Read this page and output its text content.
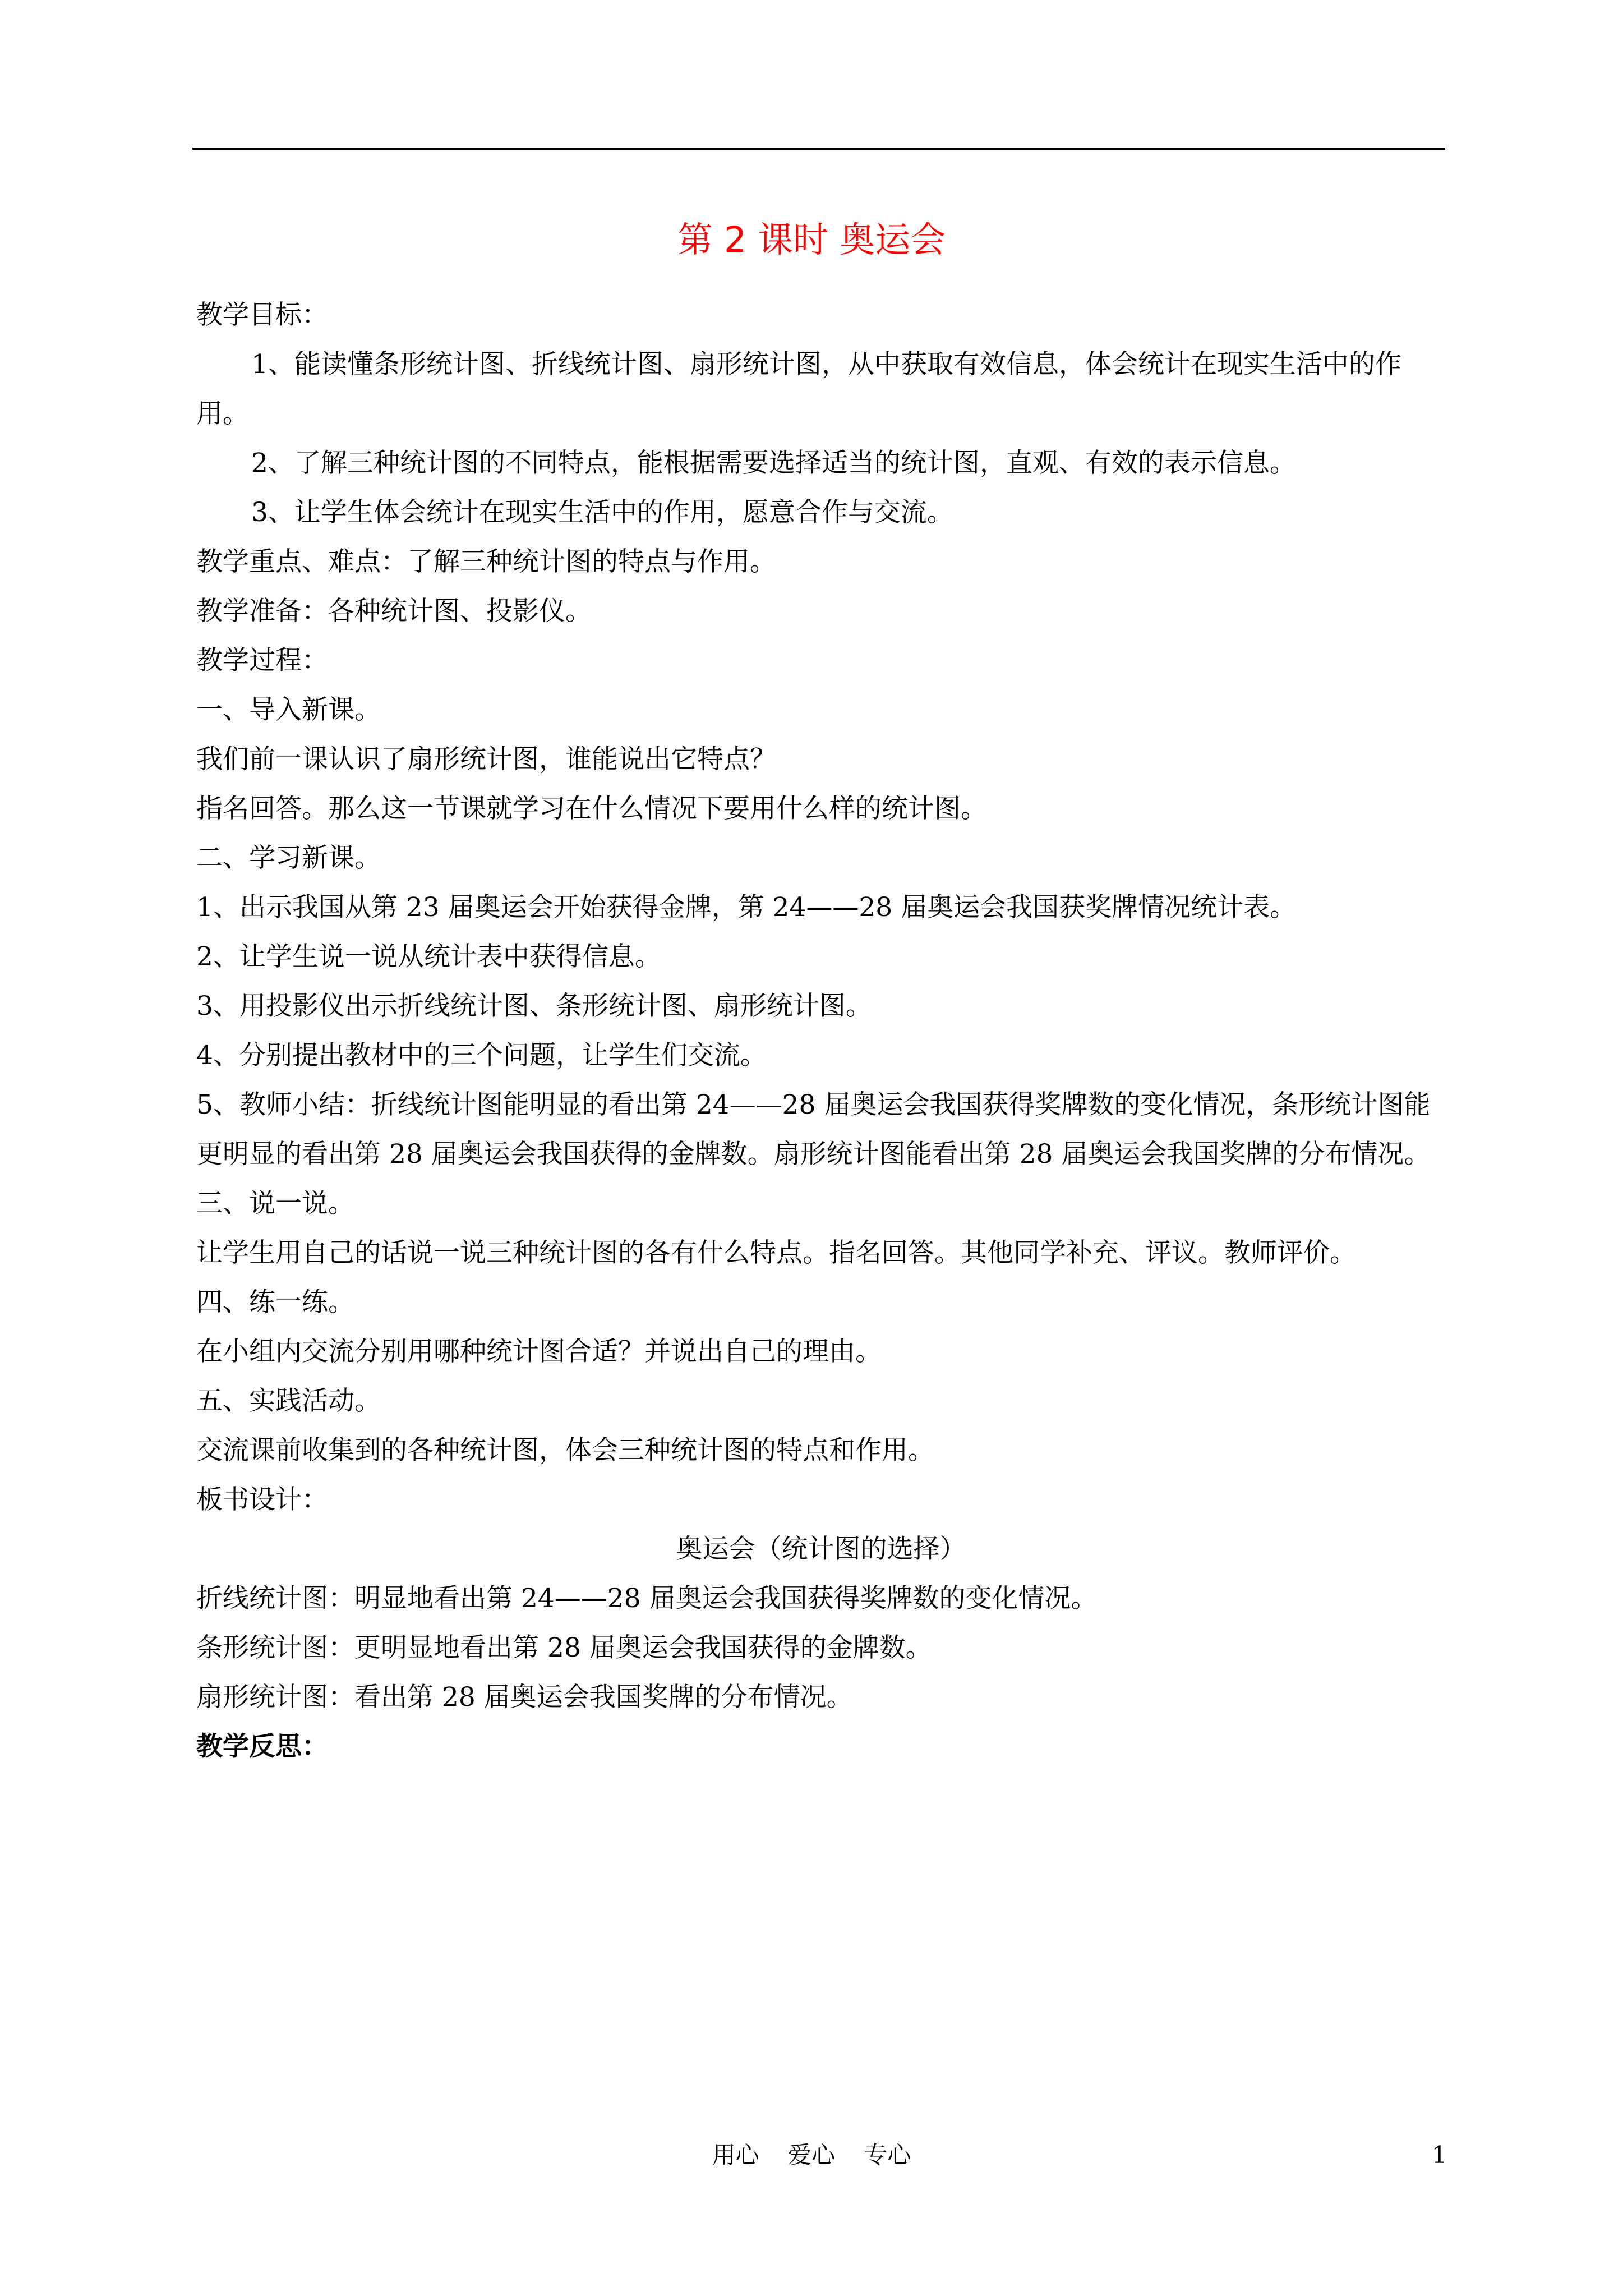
第 2 课时 奥运会
教学目标：
1、能读懂条形统计图、折线统计图、扇形统计图，从中获取有效信息，体会统计在现实生活中的作用。
2、了解三种统计图的不同特点，能根据需要选择适当的统计图，直观、有效的表示信息。
3、让学生体会统计在现实生活中的作用，愿意合作与交流。
教学重点、难点：了解三种统计图的特点与作用。
教学准备：各种统计图、投影仪。
教学过程：
一、导入新课。
我们前一课认识了扇形统计图，谁能说出它特点？
指名回答。那么这一节课就学习在什么情况下要用什么样的统计图。
二、学习新课。
1、出示我国从第 23 届奥运会开始获得金牌，第 24——28 届奥运会我国获奖牌情况统计表。
2、让学生说一说从统计表中获得信息。
3、用投影仪出示折线统计图、条形统计图、扇形统计图。
4、分别提出教材中的三个问题，让学生们交流。
5、教师小结：折线统计图能明显的看出第 24——28 届奥运会我国获得奖牌数的变化情况，条形统计图能更明显的看出第 28 届奥运会我国获得的金牌数。扇形统计图能看出第 28 届奥运会我国奖牌的分布情况。
三、说一说。
让学生用自己的话说一说三种统计图的各有什么特点。指名回答。其他同学补充、评议。教师评价。
四、练一练。
在小组内交流分别用哪种统计图合适？并说出自己的理由。
五、实践活动。
交流课前收集到的各种统计图，体会三种统计图的特点和作用。
板书设计：
奥运会（统计图的选择）
折线统计图：明显地看出第 24——28 届奥运会我国获得奖牌数的变化情况。
条形统计图：更明显地看出第 28 届奥运会我国获得的金牌数。
扇形统计图：看出第 28 届奥运会我国奖牌的分布情况。
教学反思：
用心 爱心 专心	1
